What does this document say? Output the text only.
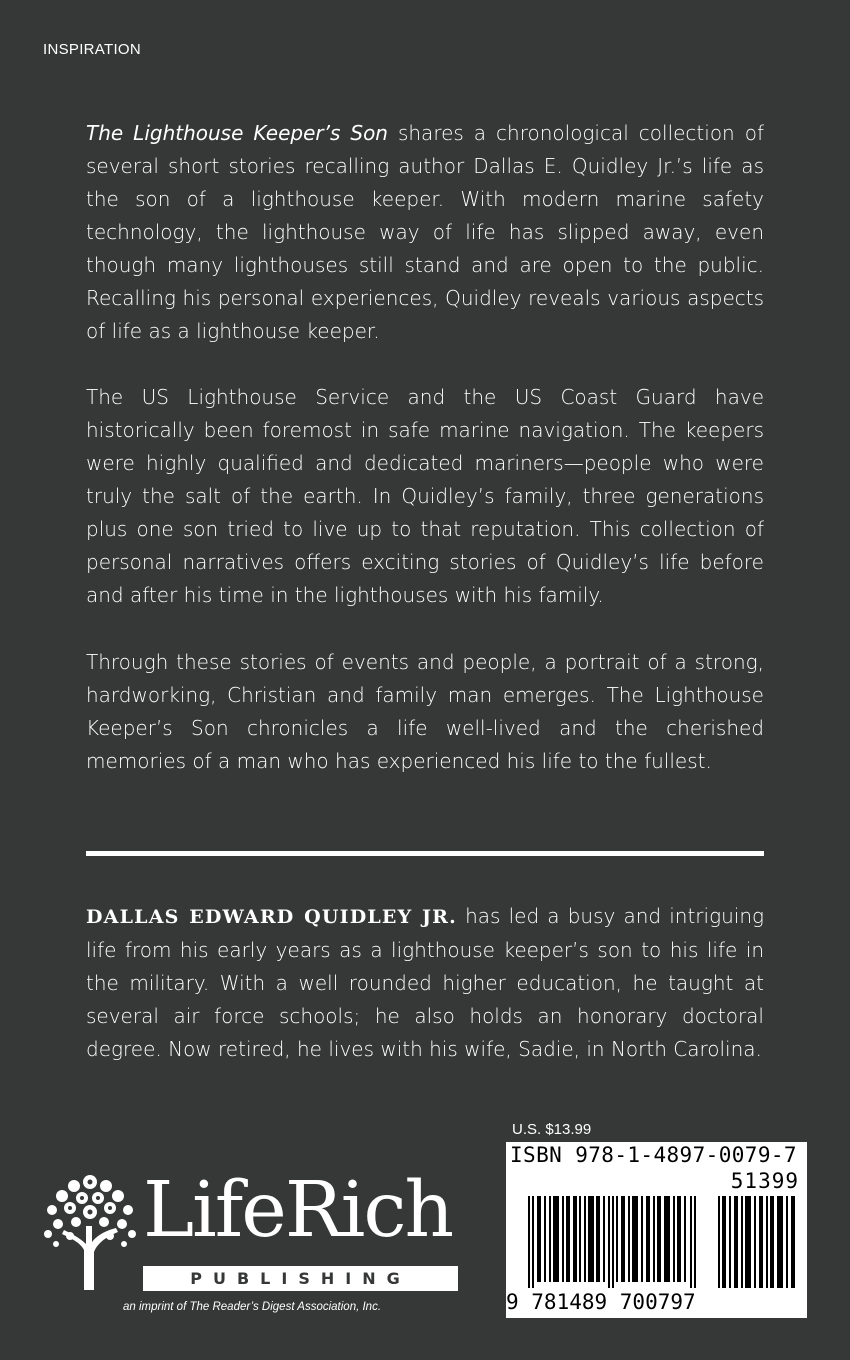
INSPIRATION

The Lighthouse Keeper’s Son shares a chronological collection of several short stories recalling author Dallas E. Quidley Jr.’s life as the son of a lighthouse keeper. With modern marine safety technology, the lighthouse way of life has slipped away, even though many lighthouses still stand and are open to the public. Recalling his personal experiences, Quidley reveals various aspects of life as a lighthouse keeper.

The US Lighthouse Service and the US Coast Guard have historically been foremost in safe marine navigation. The keepers were highly qualified and dedicated mariners—people who were truly the salt of the earth. In Quidley’s family, three generations plus one son tried to live up to that reputation. This collection of personal narratives offers exciting stories of Quidley’s life before and after his time in the lighthouses with his family.

Through these stories of events and people, a portrait of a strong, hardworking, Christian and family man emerges. The Lighthouse Keeper’s Son chronicles a life well-lived and the cherished memories of a man who has experienced his life to the fullest.

DALLAS EDWARD QUIDLEY JR. has led a busy and intriguing life from his early years as a lighthouse keeper’s son to his life in the military. With a well rounded higher education, he taught at several air force schools; he also holds an honorary doctoral degree. Now retired, he lives with his wife, Sadie, in North Carolina.

U.S. $13.99
ISBN 978-1-4897-0079-7
51399
9 781489 700797
LifeRich
PUBLISHING
an imprint of The Reader’s Digest Association, Inc.
